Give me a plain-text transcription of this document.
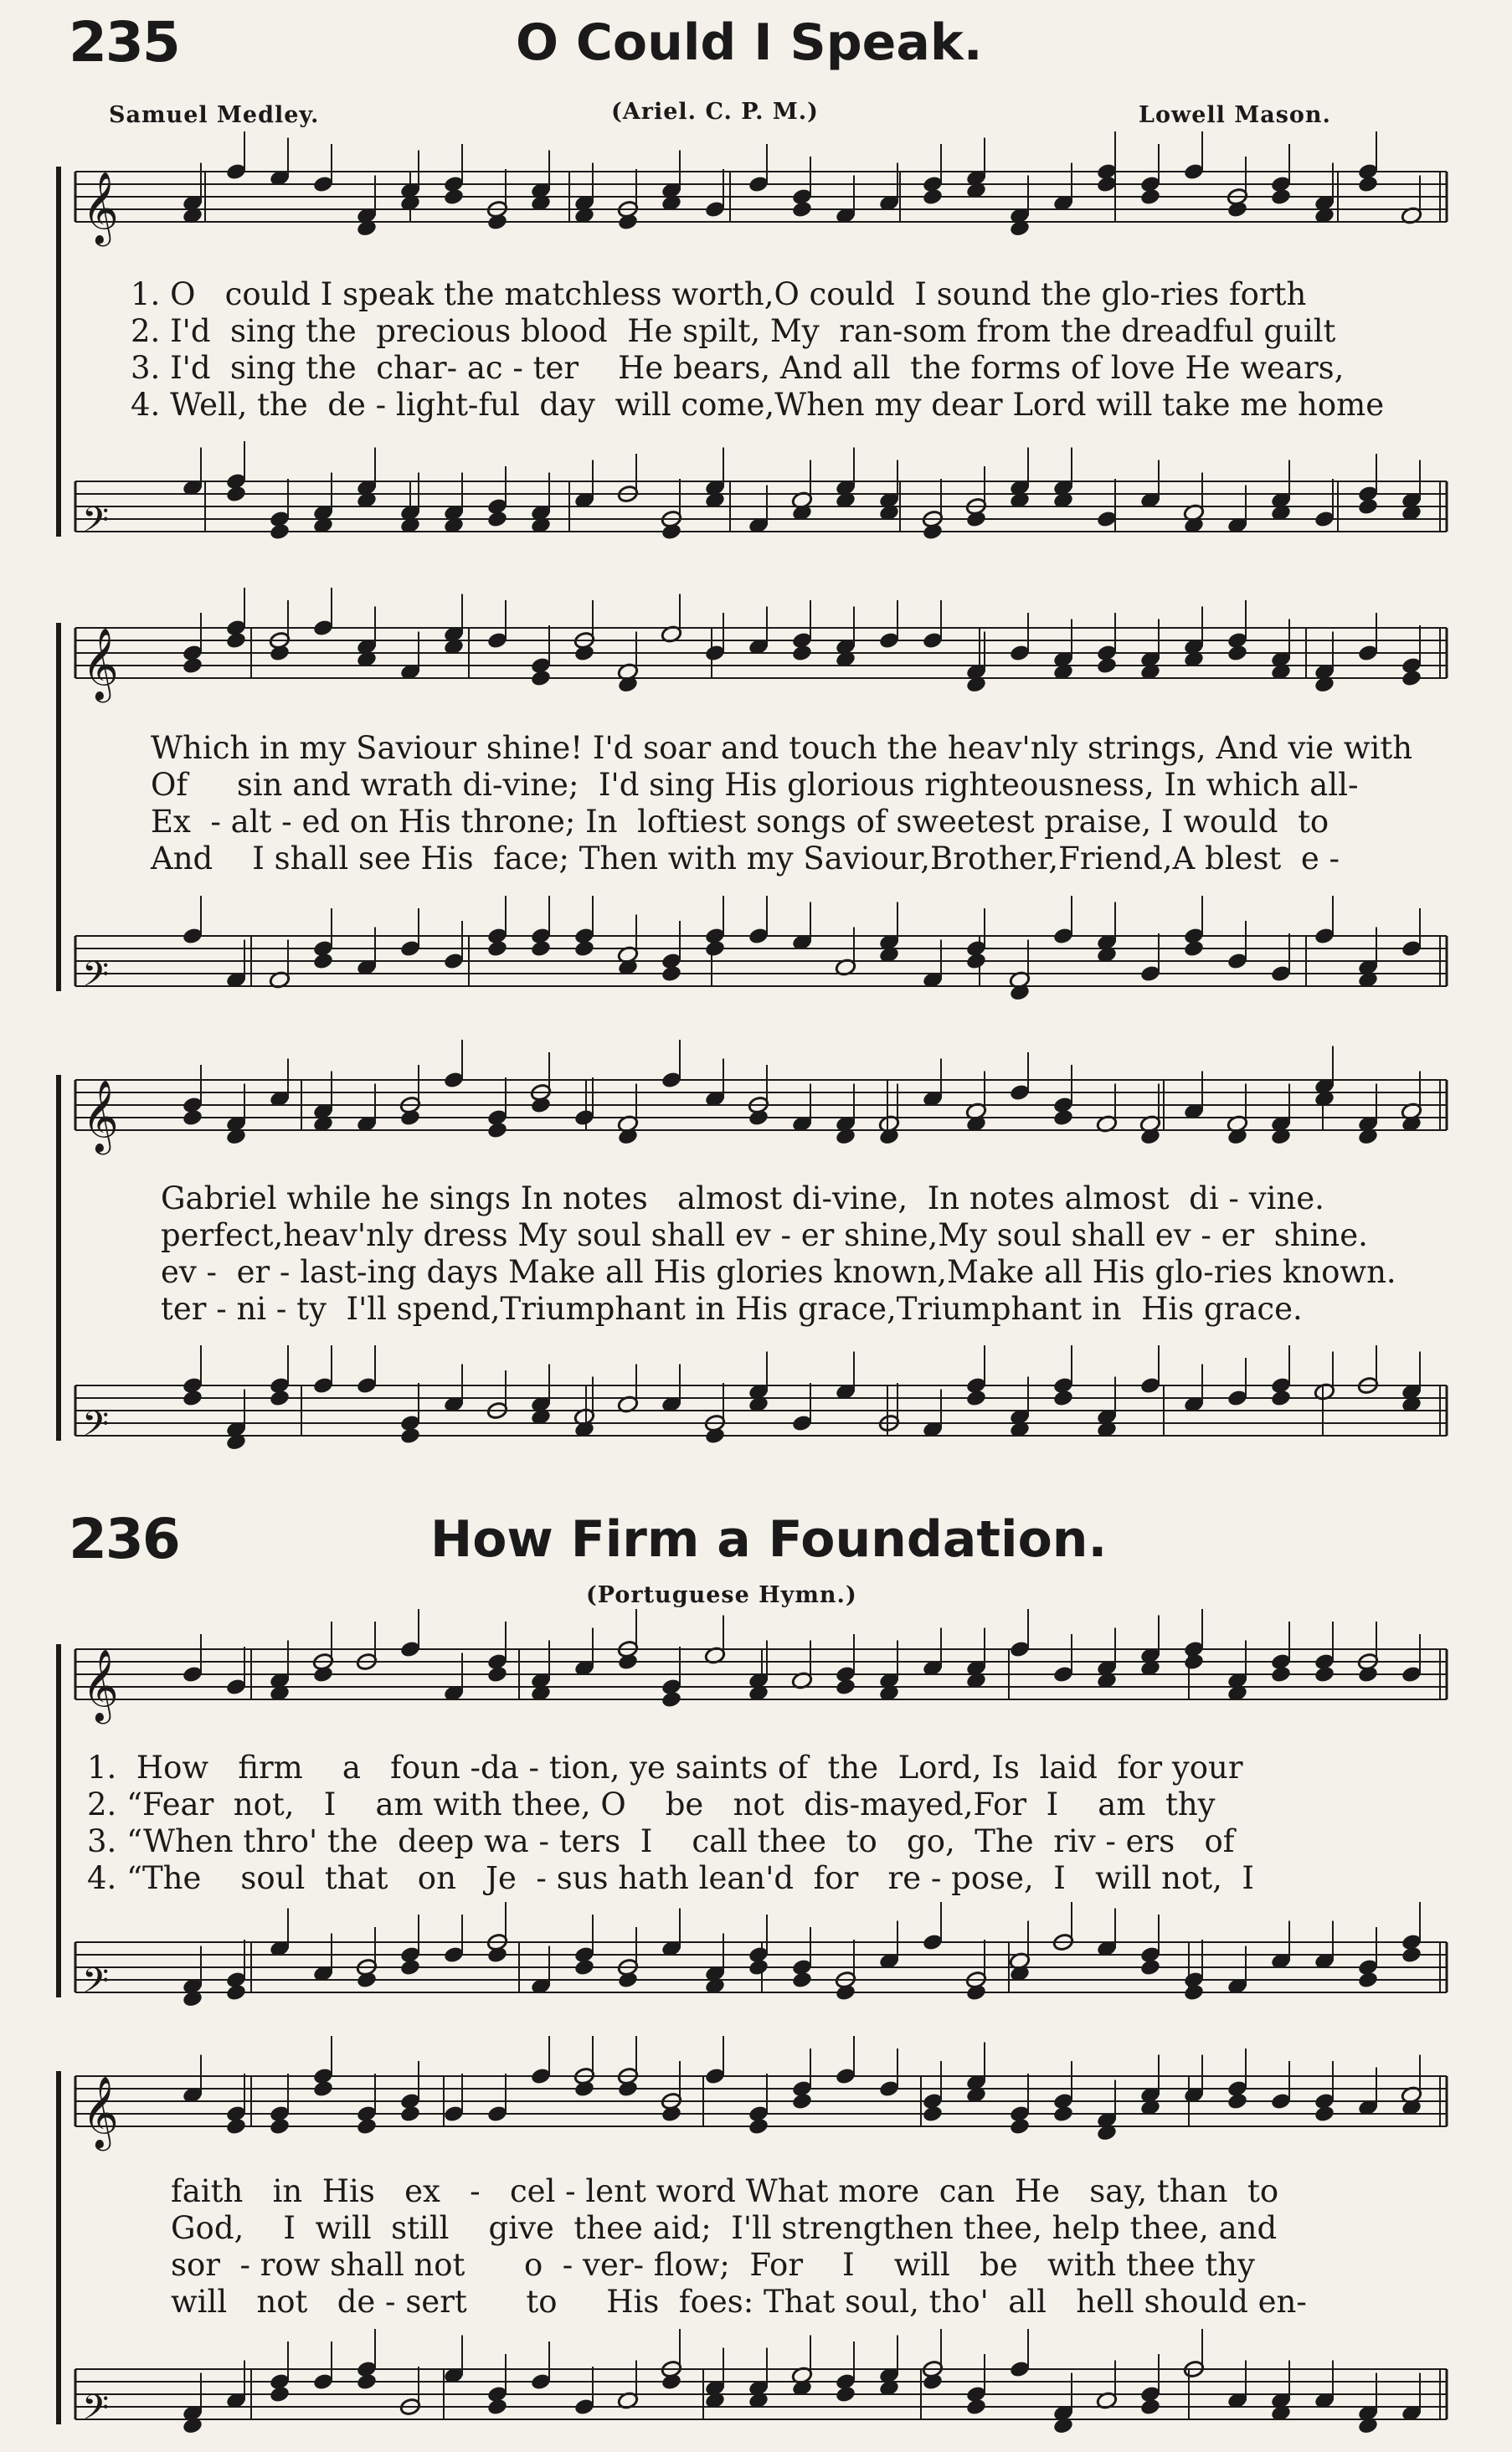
235	O Could I Speak.
Samuel Medley.	(Ariel. C. P. M.)	Lowell Mason.
𝄞
𝄢
𝄞
𝄢
𝄞
𝄢
𝄞
𝄢
𝄞
𝄢
1. O   could I speak the matchless worth,O could  I sound the glo-ries forth
2. I'd  sing the  precious blood  He spilt, My  ran-som from the dreadful guilt
3. I'd  sing the  char- ac - ter    He bears, And all  the forms of love He wears,
4. Well, the  de - light-ful  day  will come,When my dear Lord will take me home
Which in my Saviour shine! I'd soar and touch the heav'nly strings, And vie with
Of     sin and wrath di-vine;  I'd sing His glorious righteousness, In which all-
Ex  - alt - ed on His throne; In  loftiest songs of sweetest praise, I would  to
And    I shall see His  face; Then with my Saviour,Brother,Friend,A blest  e -
Gabriel while he sings In notes   almost di-vine,  In notes almost  di - vine.
perfect,heav'nly dress My soul shall ev - er shine,My soul shall ev - er  shine.
ev -  er - last-ing days Make all His glories known,Make all His glo-ries known.
ter - ni - ty  I'll spend,Triumphant in His grace,Triumphant in  His grace.
236	How Firm a Foundation.
(Portuguese Hymn.)
1.  How   firm    a   foun -da - tion, ye saints of  the  Lord, Is  laid  for your
2. “Fear  not,   I    am with thee, O    be   not  dis-mayed,For  I    am  thy
3. “When thro' the  deep wa - ters  I    call thee  to   go,  The  riv - ers   of
4. “The    soul  that   on   Je  - sus hath lean'd  for   re - pose,  I   will not,  I
faith   in  His   ex   -   cel - lent word What more  can  He   say, than  to
God,    I  will  still    give  thee aid;  I'll strengthen thee, help thee, and
sor  - row shall not      o  - ver- flow;  For    I    will   be   with thee thy
will   not   de - sert      to     His  foes: That soul, tho'  all   hell should en-
